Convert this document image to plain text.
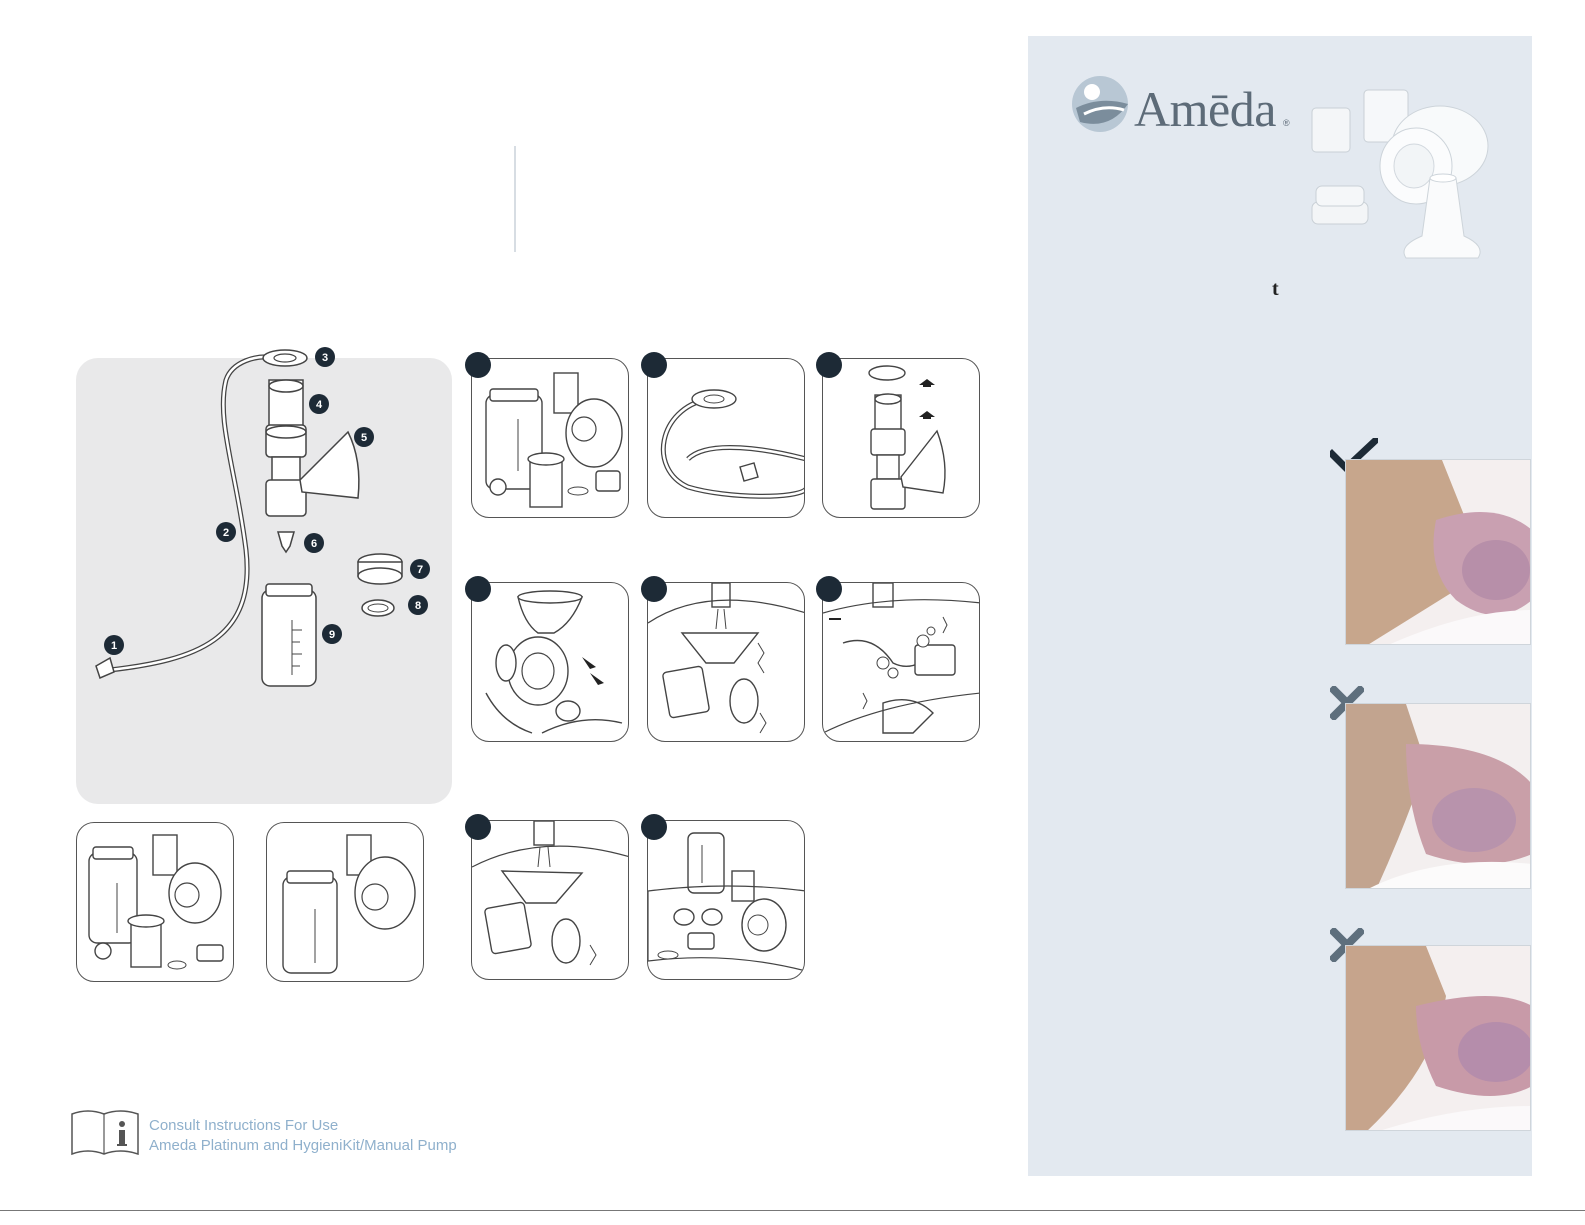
1
2
3
4
5
6
7
8
9
Amēda ®
t
Consult Instructions For Use
Ameda Platinum and HygieniKit/Manual Pump
